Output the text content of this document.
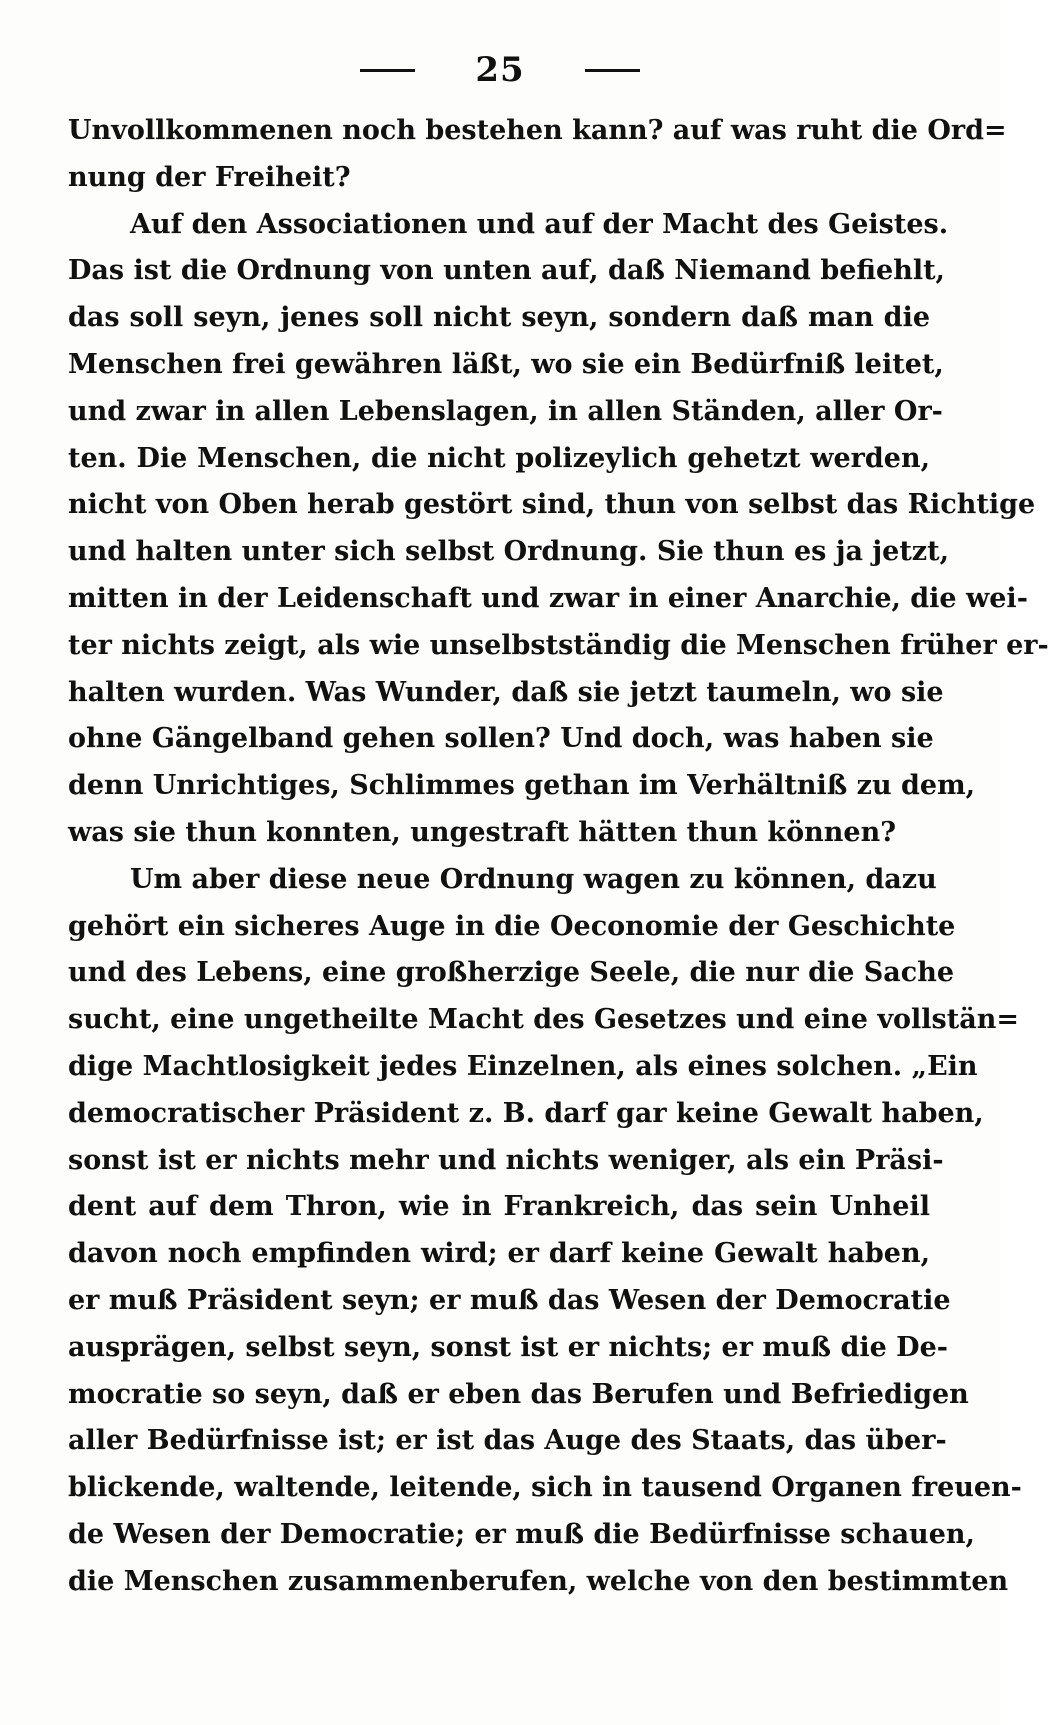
25
Unvollkommenen noch bestehen kann? auf was ruht die Ord=
nung der Freiheit?
Auf den Associationen und auf der Macht des Geistes.
Das ist die Ordnung von unten auf, daß Niemand befiehlt,
das soll seyn, jenes soll nicht seyn, sondern daß man die
Menschen frei gewähren läßt, wo sie ein Bedürfniß leitet,
und zwar in allen Lebenslagen, in allen Ständen, aller Or-
ten. Die Menschen, die nicht polizeylich gehetzt werden,
nicht von Oben herab gestört sind, thun von selbst das Richtige
und halten unter sich selbst Ordnung. Sie thun es ja jetzt,
mitten in der Leidenschaft und zwar in einer Anarchie, die wei-
ter nichts zeigt, als wie unselbstständig die Menschen früher er-
halten wurden. Was Wunder, daß sie jetzt taumeln, wo sie
ohne Gängelband gehen sollen? Und doch, was haben sie
denn Unrichtiges, Schlimmes gethan im Verhältniß zu dem,
was sie thun konnten, ungestraft hätten thun können?
Um aber diese neue Ordnung wagen zu können, dazu
gehört ein sicheres Auge in die Oeconomie der Geschichte
und des Lebens, eine großherzige Seele, die nur die Sache
sucht, eine ungetheilte Macht des Gesetzes und eine vollstän=
dige Machtlosigkeit jedes Einzelnen, als eines solchen. „Ein
democratischer Präsident z. B. darf gar keine Gewalt haben,
sonst ist er nichts mehr und nichts weniger, als ein Präsi-
dent auf dem Thron, wie in Frankreich, das sein Unheil
davon noch empfinden wird; er darf keine Gewalt haben,
er muß Präsident seyn; er muß das Wesen der Democratie
ausprägen, selbst seyn, sonst ist er nichts; er muß die De-
mocratie so seyn, daß er eben das Berufen und Befriedigen
aller Bedürfnisse ist; er ist das Auge des Staats, das über-
blickende, waltende, leitende, sich in tausend Organen freuen-
de Wesen der Democratie; er muß die Bedürfnisse schauen,
die Menschen zusammenberufen, welche von den bestimmten
